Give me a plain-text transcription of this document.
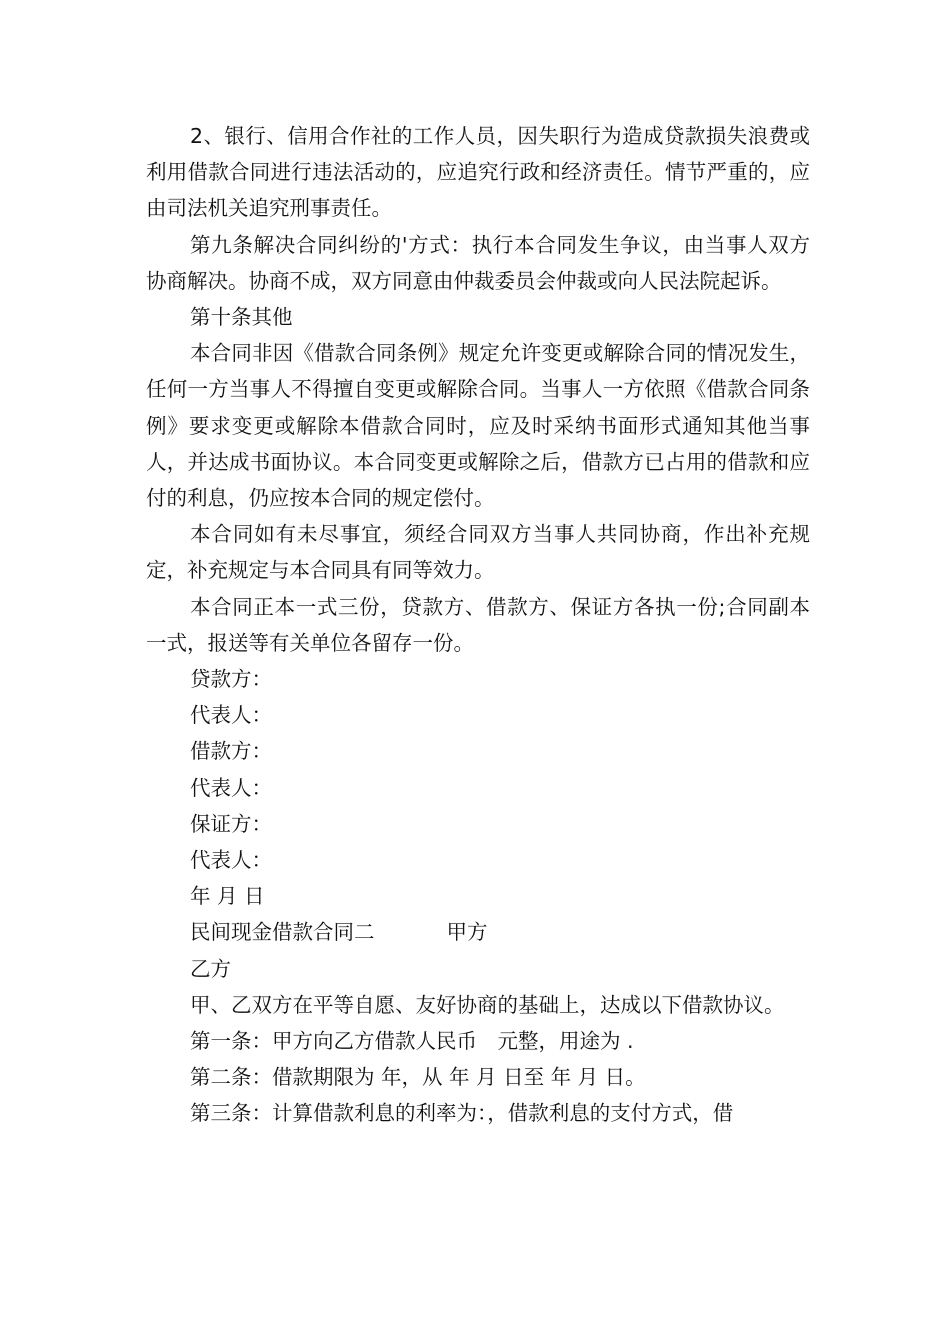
2、银行、信用合作社的工作人员，因失职行为造成贷款损失浪费或利用借款合同进行违法活动的，应追究行政和经济责任。情节严重的，应由司法机关追究刑事责任。

第九条解决合同纠纷的'方式：执行本合同发生争议，由当事人双方协商解决。协商不成，双方同意由仲裁委员会仲裁或向人民法院起诉。

第十条其他

本合同非因《借款合同条例》规定允许变更或解除合同的情况发生，任何一方当事人不得擅自变更或解除合同。当事人一方依照《借款合同条例》要求变更或解除本借款合同时，应及时采纳书面形式通知其他当事人，并达成书面协议。本合同变更或解除之后，借款方已占用的借款和应付的利息，仍应按本合同的规定偿付。

本合同如有未尽事宜，须经合同双方当事人共同协商，作出补充规定，补充规定与本合同具有同等效力。

本合同正本一式三份，贷款方、借款方、保证方各执一份;合同副本一式，报送等有关单位各留存一份。

贷款方：

代表人：

借款方：

代表人：

保证方：

代表人：

年 月 日

民间现金借款合同二	甲方

乙方

甲、乙双方在平等自愿、友好协商的基础上，达成以下借款协议。

第一条：甲方向乙方借款人民币　元整，用途为 .

第二条：借款期限为 年，从 年 月 日至 年 月 日。

第三条：计算借款利息的利率为：，借款利息的支付方式，借
